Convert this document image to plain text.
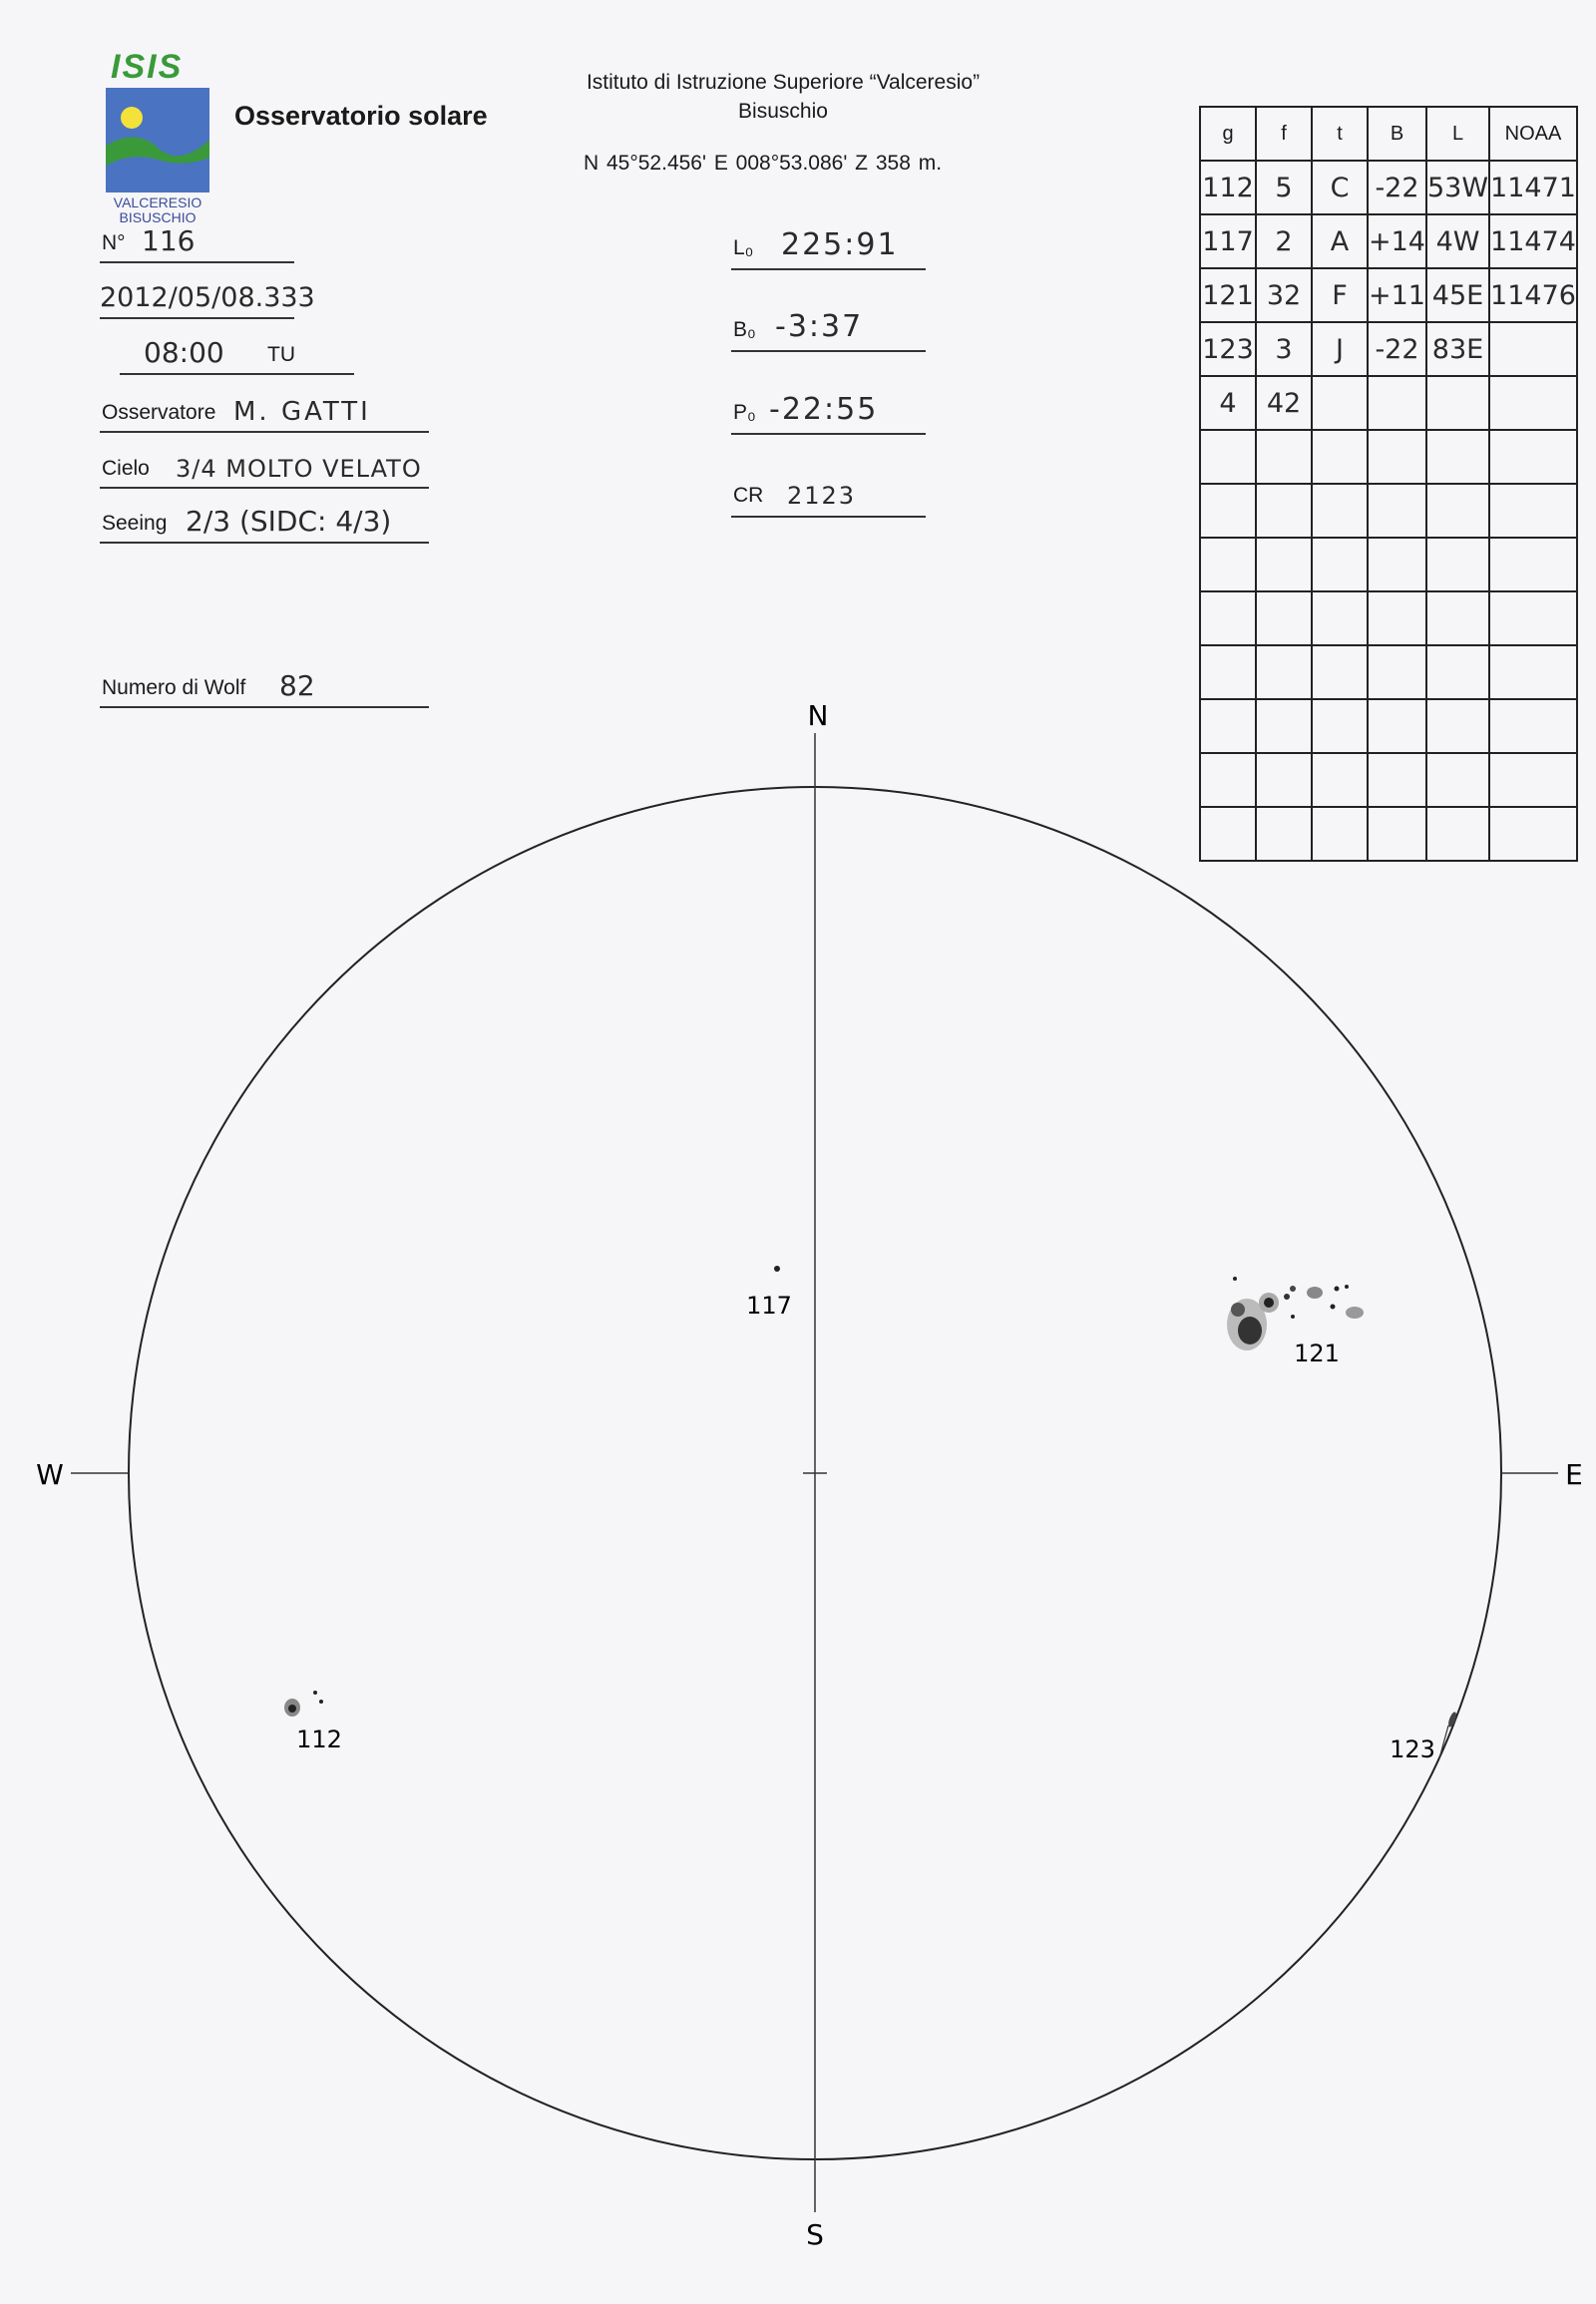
ISIS
VALCERESIO
BISUSCHIO
Osservatorio solare
Istituto di Istruzione Superiore “Valceresio”
Bisuschio
N 45°52.456' E 008°53.086' Z 358 m.
N° 116
2012/05/08.333
08:00 TU
Osservatore M. GATTI
Cielo 3/4 MOLTO VELATO
Seeing 2/3 (SIDC: 4/3)
Numero di Wolf 82
L₀ 225:91
B₀ -3:37
P₀ -22:55
CR 2123
g	f	t	B	L	NOAA
112	5	C	-22	53W	11471
117	2	A	+14	4W	11474
121	32	F	+11	45E	11476
123	3	J	-22	83E	
4	42				

N
S
E
W
117
121
112	123
